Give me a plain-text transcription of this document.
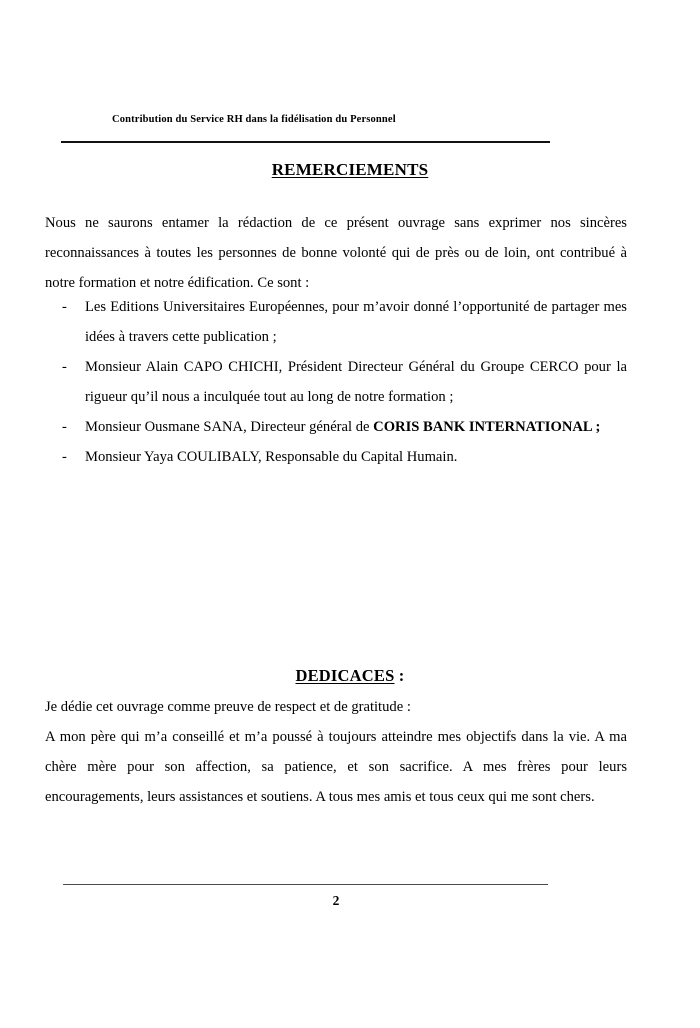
Contribution du Service RH dans la fidélisation du Personnel
REMERCIEMENTS

Nous ne saurons entamer la rédaction de ce présent ouvrage sans exprimer nos sincères reconnaissances à toutes les personnes de bonne volonté qui de près ou de loin, ont contribué à notre formation et notre édification. Ce sont :

- Les Editions Universitaires Européennes, pour m’avoir donné l’opportunité de partager mes idées à travers cette publication ;
- Monsieur Alain CAPO CHICHI, Président Directeur Général du Groupe CERCO pour la rigueur qu’il nous a inculquée tout au long de notre formation ;
- Monsieur Ousmane SANA, Directeur général de CORIS BANK INTERNATIONAL ;
- Monsieur Yaya COULIBALY, Responsable du Capital Humain.
DEDICACES :

Je dédie cet ouvrage comme preuve de respect et de gratitude :

A mon père qui m’a conseillé et m’a poussé à toujours atteindre mes objectifs dans la vie. A ma chère mère pour son affection, sa patience, et son sacrifice. A mes frères pour leurs encouragements, leurs assistances et soutiens. A tous mes amis et tous ceux qui me sont chers.

2
